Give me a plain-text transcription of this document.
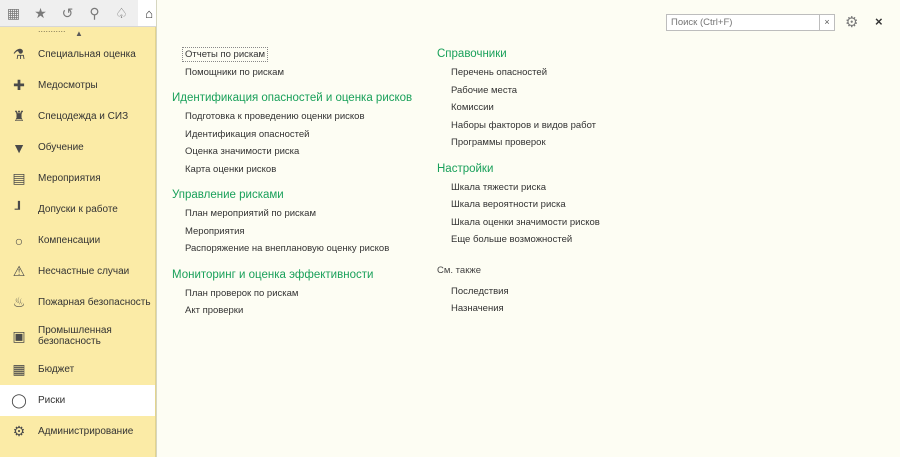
▦	★	↺	⚲	♤	⌂
▲
...........
⚗ Специальная оценка
✚	Медосмотры
♜ Спецодежда и СИЗ
▼ Обучение
▤ Мероприятия
┚	Допуски к работе
○	Компенсации
⚠ Несчастные случаи
♨ Пожарная безопасность
▣ Промышленная безопасность
▦ Бюджет
◯ Риски
⚙ Администрирование
Поиск (Ctrl+F)
× ⚙ ×
Отчеты по рискам
Помощники по рискам
Идентификация опасностей и оценка рисков
Подготовка к проведению оценки рисков
Идентификация опасностей
Оценка значимости риска
Карта оценки рисков
Управление рисками
План мероприятий по рискам
Мероприятия
Распоряжение на внеплановую оценку рисков
Мониторинг и оценка эффективности
План проверок по рискам
Акт проверки
Справочники
Перечень опасностей
Рабочие места
Комиссии
Наборы факторов и видов работ
Программы проверок
Настройки
Шкала тяжести риска
Шкала вероятности риска
Шкала оценки значимости рисков
Еще больше возможностей
См. также
Последствия
Назначения
